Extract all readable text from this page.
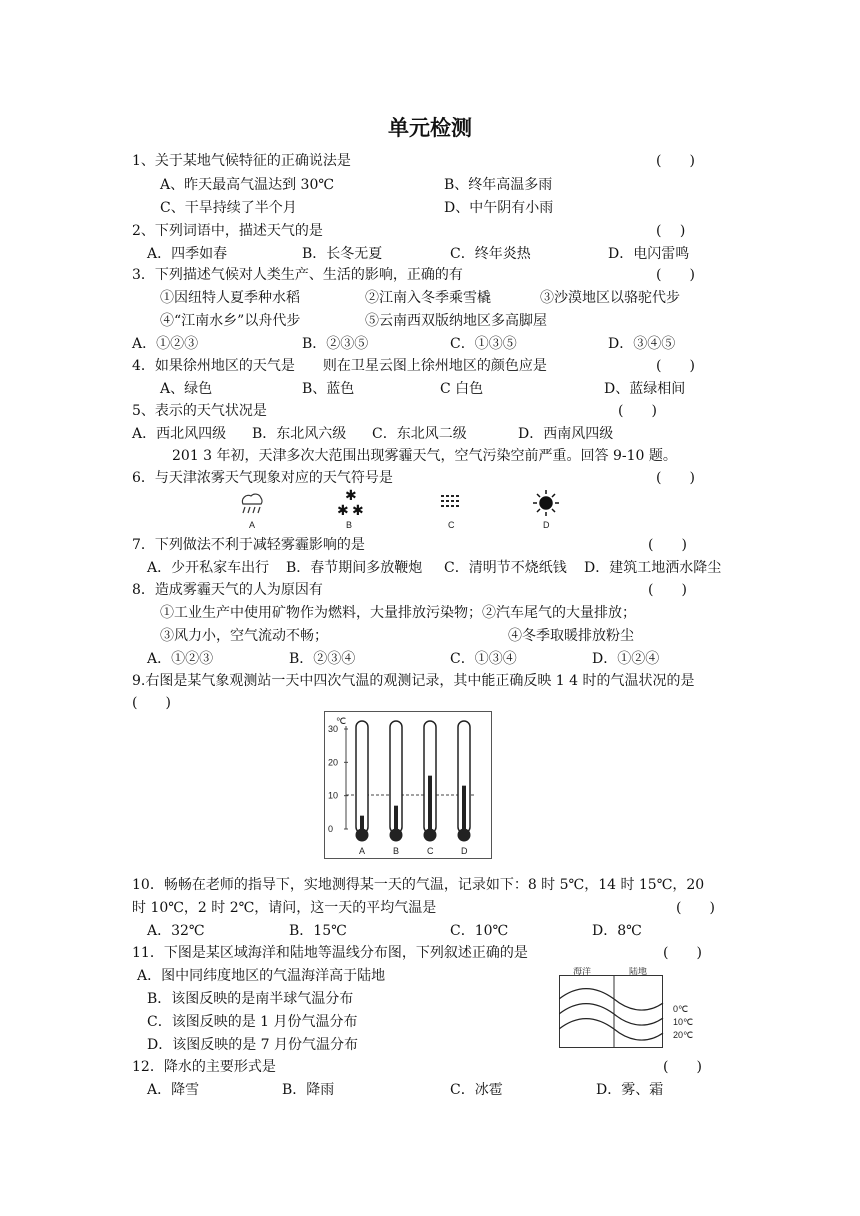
单元检测
1、关于某地气候特征的正确说法是	(　　)
A、昨天最高气温达到 30℃	B、终年高温多雨
C、干旱持续了半个月	D、中午阴有小雨
2、下列词语中，描述天气的是	(　 )
A．四季如春	B．长冬无夏	C．终年炎热	D．电闪雷鸣
3．下列描述气候对人类生产、生活的影响，正确的有	(　　)
①因纽特人夏季种水稻	②江南入冬季乘雪橇	③沙漠地区以骆驼代步
④“江南水乡”以舟代步	⑤云南西双版纳地区多高脚屋
A．①②③	B．②③⑤	C．①③⑤	D．③④⑤
4．如果徐州地区的天气是　　则在卫星云图上徐州地区的颜色应是	(　　)
A、绿色	B、蓝色	C 白色	D、蓝绿相间
5、表示的天气状况是	(　　)
A．西北风四级 B．东北风六级 C．东北风二级	D．西南风四级
201 3 年初，天津多次大范围出现雾霾天气，空气污染空前严重。回答 9-10 题。
6．与天津浓雾天气现象对应的天气符号是	(　　)
A
✱
✱ ✱
B	C	D
7．下列做法不利于减轻雾霾影响的是	(　　)
A．少开私家车出行 B．春节期间多放鞭炮 C．清明节不烧纸钱 D．建筑工地洒水降尘
8．造成雾霾天气的人为原因有	(　　)
①工业生产中使用矿物作为燃料，大量排放污染物；②汽车尾气的大量排放；
③风力小，空气流动不畅；	④冬季取暖排放粉尘
A．①②③	B．②③④	C．①③④	D．①②④
9.右图是某气象观测站一天中四次气温的观测记录，其中能正确反映 1 4 时的气温状况的是
(　　)
℃
30
20
10
0
A	B	C	D
10．畅畅在老师的指导下，实地测得某一天的气温，记录如下：8 时 5℃，14 时 15℃，20
时 10℃，2 时 2℃，请问，这一天的平均气温是	(　　)
A．32℃	B．15℃	C．10℃	D．8℃
11．下图是某区域海洋和陆地等温线分布图，下列叙述正确的是	(　　)
A．图中同纬度地区的气温海洋高于陆地
B．该图反映的是南半球气温分布
C．该图反映的是 1 月份气温分布
D．该图反映的是 7 月份气温分布
海洋	陆地
0℃
10℃
20℃
12．降水的主要形式是	(　　)
A．降雪	B．降雨	C．冰雹	D．雾、霜
